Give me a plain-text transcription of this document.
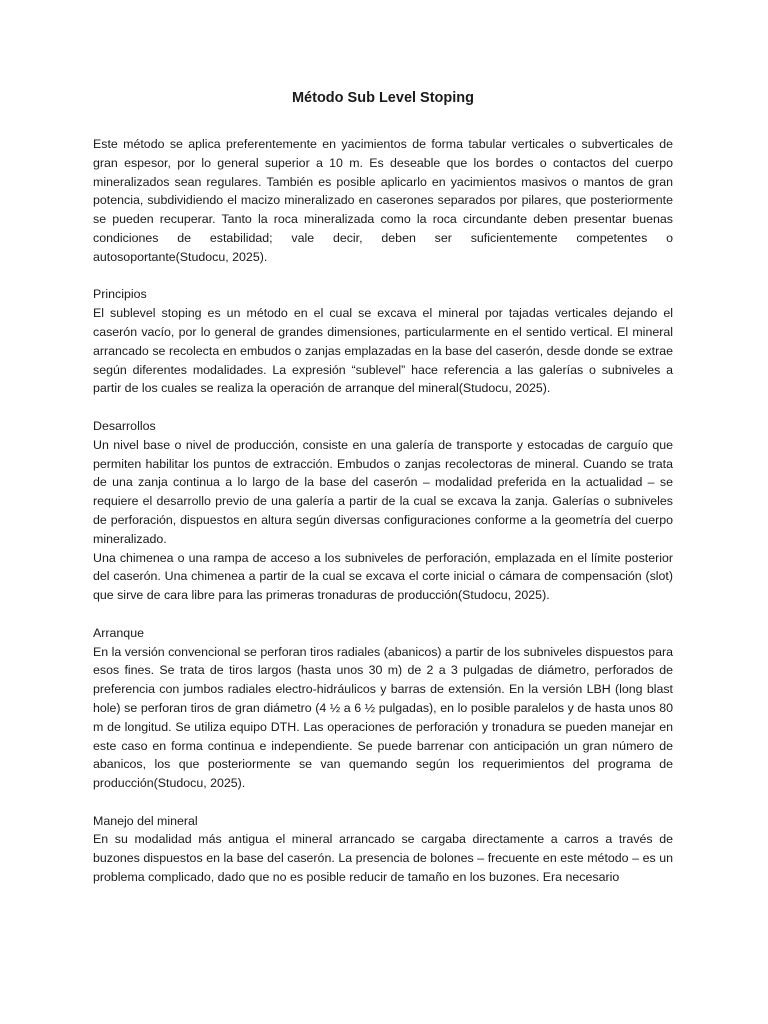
Método Sub Level Stoping

Este método se aplica preferentemente en yacimientos de forma tabular verticales o subverticales de gran espesor, por lo general superior a 10 m. Es deseable que los bordes o contactos del cuerpo mineralizados sean regulares. También es posible aplicarlo en yacimientos masivos o mantos de gran potencia, subdividiendo el macizo mineralizado en caserones separados por pilares, que posteriormente se pueden recuperar. Tanto la roca mineralizada como la roca circundante deben presentar buenas condiciones de estabilidad; vale decir, deben ser suficientemente competentes o autosoportante(Studocu, 2025).

Principios

El sublevel stoping es un método en el cual se excava el mineral por tajadas verticales dejando el caserón vacío, por lo general de grandes dimensiones, particularmente en el sentido vertical. El mineral arrancado se recolecta en embudos o zanjas emplazadas en la base del caserón, desde donde se extrae según diferentes modalidades. La expresión “sublevel” hace referencia a las galerías o subniveles a partir de los cuales se realiza la operación de arranque del mineral(Studocu, 2025).

Desarrollos

Un nivel base o nivel de producción, consiste en una galería de transporte y estocadas de carguío que permiten habilitar los puntos de extracción. Embudos o zanjas recolectoras de mineral. Cuando se trata de una zanja continua a lo largo de la base del caserón – modalidad preferida en la actualidad – se requiere el desarrollo previo de una galería a partir de la cual se excava la zanja. Galerías o subniveles de perforación, dispuestos en altura según diversas configuraciones conforme a la geometría del cuerpo mineralizado.

Una chimenea o una rampa de acceso a los subniveles de perforación, emplazada en el límite posterior del caserón. Una chimenea a partir de la cual se excava el corte inicial o cámara de compensación (slot) que sirve de cara libre para las primeras tronaduras de producción(Studocu, 2025).

Arranque

En la versión convencional se perforan tiros radiales (abanicos) a partir de los subniveles dispuestos para esos fines. Se trata de tiros largos (hasta unos 30 m) de 2 a 3 pulgadas de diámetro, perforados de preferencia con jumbos radiales electro-hidráulicos y barras de extensión. En la versión LBH (long blast hole) se perforan tiros de gran diámetro (4 ½ a 6 ½ pulgadas), en lo posible paralelos y de hasta unos 80 m de longitud. Se utiliza equipo DTH. Las operaciones de perforación y tronadura se pueden manejar en este caso en forma continua e independiente. Se puede barrenar con anticipación un gran número de abanicos, los que posteriormente se van quemando según los requerimientos del programa de producción(Studocu, 2025).

Manejo del mineral

En su modalidad más antigua el mineral arrancado se cargaba directamente a carros a través de buzones dispuestos en la base del caserón. La presencia de bolones – frecuente en este método – es un problema complicado, dado que no es posible reducir de tamaño en los buzones. Era necesario
